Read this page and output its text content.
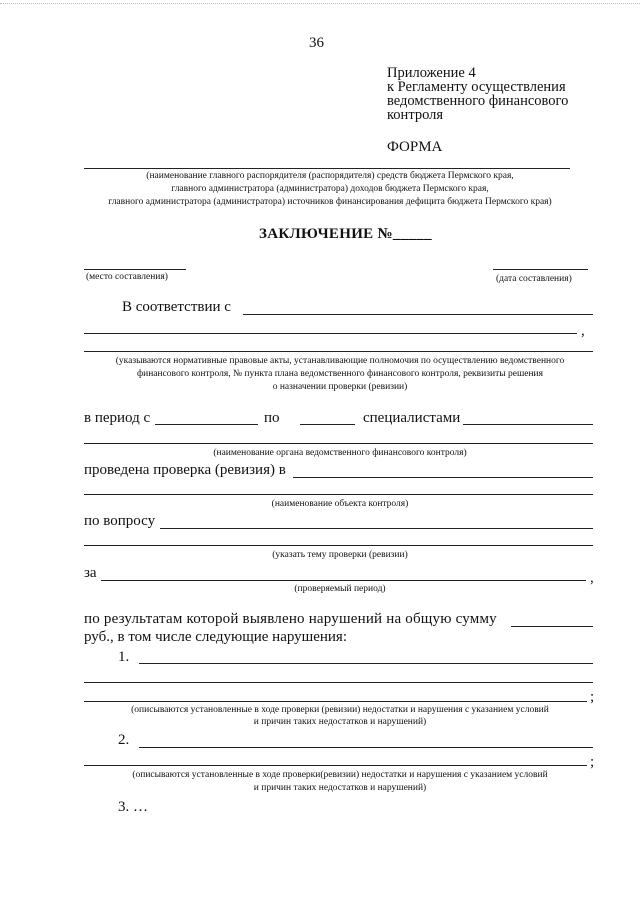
36
Приложение 4
к Регламенту осуществления
ведомственного финансового
контроля
ФОРМА
(наименование главного распорядителя (распорядителя) средств бюджета Пермского края,
главного администратора (администратора) доходов бюджета Пермского края,
главного администратора (администратора) источников финансирования дефицита бюджета Пермского края)
ЗАКЛЮЧЕНИЕ №_____
(место составления)	(дата составления)
В соответствии с
,
(указываются нормативные правовые акты, устанавливающие полномочия по осуществлению ведомственного
финансового контроля, № пункта плана ведомственного финансового контроля, реквизиты решения
о назначении проверки (ревизии)
в период с	по	специалистами
(наименование органа ведомственного финансового контроля)
проведена проверка (ревизия) в
(наименование объекта контроля)
по вопросу
(указать тему проверки (ревизии)
за	,
(проверяемый период)
по результатам которой выявлено нарушений на общую сумму
руб., в том числе следующие нарушения:
1.
;
(описываются установленные в ходе проверки (ревизии) недостатки и нарушения с указанием условий
и причин таких недостатков и нарушений)
2.
;
(описываются установленные в ходе проверки(ревизии) недостатки и нарушения с указанием условий
и причин таких недостатков и нарушений)
3. …
